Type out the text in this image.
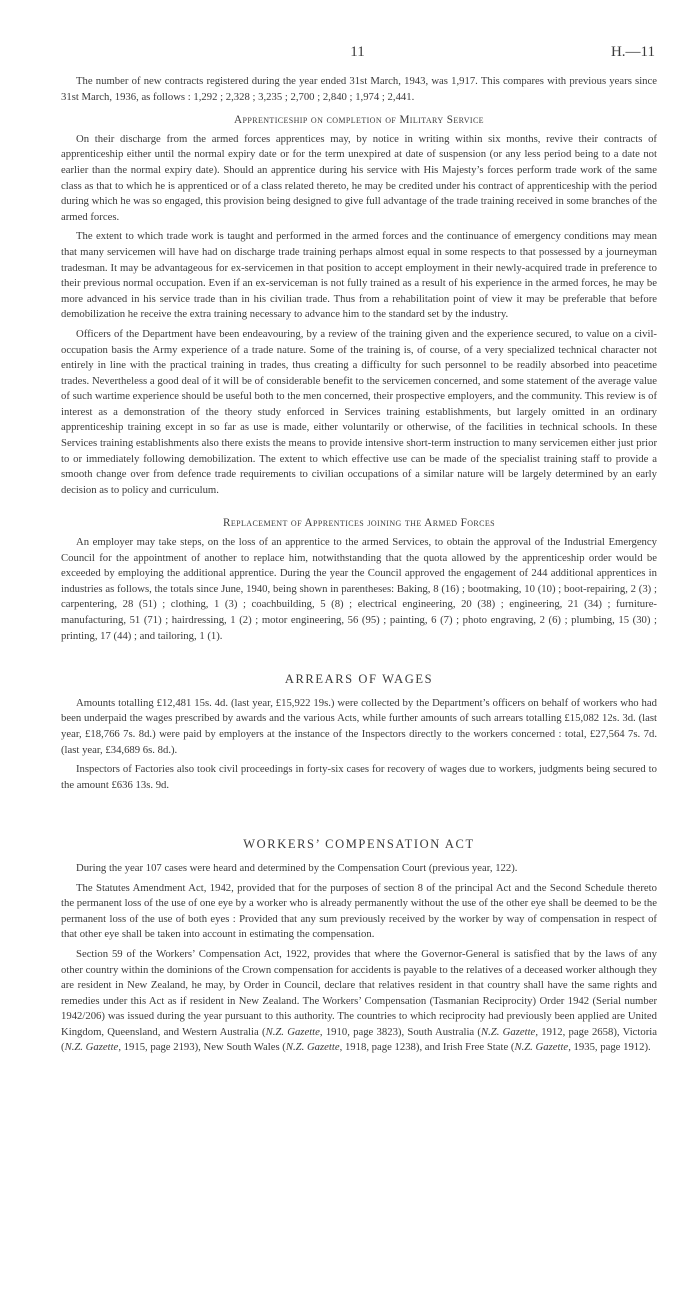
11	H.—11

The number of new contracts registered during the year ended 31st March, 1943, was 1,917. This compares with previous years since 31st March, 1936, as follows : 1,292 ; 2,328 ; 3,235 ; 2,700 ; 2,840 ; 1,974 ; 2,441.

Apprenticeship on completion of Military Service

On their discharge from the armed forces apprentices may, by notice in writing within six months, revive their contracts of apprenticeship either until the normal expiry date or for the term unexpired at date of suspension (or any less period being to a date not earlier than the normal expiry date). Should an apprentice during his service with His Majesty’s forces perform trade work of the same class as that to which he is apprenticed or of a class related thereto, he may be credited under his contract of apprenticeship with the period during which he was so engaged, this provision being designed to give full advantage of the trade training received in some branches of the armed forces.

The extent to which trade work is taught and performed in the armed forces and the continuance of emergency conditions may mean that many servicemen will have had on discharge trade training perhaps almost equal in some respects to that possessed by a journeyman tradesman. It may be advantageous for ex-servicemen in that position to accept employment in their newly-acquired trade in preference to their previous normal occupation. Even if an ex-serviceman is not fully trained as a result of his experience in the armed forces, he may be more advanced in his service trade than in his civilian trade. Thus from a rehabilitation point of view it may be preferable that before demobilization he receive the extra training necessary to advance him to the standard set by the industry.

Officers of the Department have been endeavouring, by a review of the training given and the experience secured, to value on a civil-occupation basis the Army experience of a trade nature. Some of the training is, of course, of a very specialized technical character not entirely in line with the practical training in trades, thus creating a difficulty for such personnel to be readily absorbed into peacetime trades. Nevertheless a good deal of it will be of considerable benefit to the servicemen concerned, and some statement of the average value of such wartime experience should be useful both to the men concerned, their prospective employers, and the community. This review is of interest as a demonstration of the theory study enforced in Services training establishments, but largely omitted in an ordinary apprenticeship training except in so far as use is made, either voluntarily or otherwise, of the facilities in technical schools. In these Services training establishments also there exists the means to provide intensive short-term instruction to many servicemen either just prior to or immediately following demobilization. The extent to which effective use can be made of the specialist training staff to provide a smooth change over from defence trade requirements to civilian occupations of a similar nature will be largely determined by an early decision as to policy and curriculum.

Replacement of Apprentices joining the Armed Forces

An employer may take steps, on the loss of an apprentice to the armed Services, to obtain the approval of the Industrial Emergency Council for the appointment of another to replace him, notwithstanding that the quota allowed by the apprenticeship order would be exceeded by employing the additional apprentice. During the year the Council approved the engagement of 244 additional apprentices in industries as follows, the totals since June, 1940, being shown in parentheses: Baking, 8 (16) ; bootmaking, 10 (10) ; boot-repairing, 2 (3) ; carpentering, 28 (51) ; clothing, 1 (3) ; coachbuilding, 5 (8) ; electrical engineering, 20 (38) ; engineering, 21 (34) ; furniture-manufacturing, 51 (71) ; hairdressing, 1 (2) ; motor engineering, 56 (95) ; painting, 6 (7) ; photo engraving, 2 (6) ; plumbing, 15 (30) ; printing, 17 (44) ; and tailoring, 1 (1).

ARREARS OF WAGES

Amounts totalling £12,481 15s. 4d. (last year, £15,922 19s.) were collected by the Department’s officers on behalf of workers who had been underpaid the wages prescribed by awards and the various Acts, while further amounts of such arrears totalling £15,082 12s. 3d. (last year, £18,766 7s. 8d.) were paid by employers at the instance of the Inspectors directly to the workers concerned : total, £27,564 7s. 7d. (last year, £34,689 6s. 8d.).

Inspectors of Factories also took civil proceedings in forty-six cases for recovery of wages due to workers, judgments being secured to the amount £636 13s. 9d.

WORKERS’ COMPENSATION ACT

During the year 107 cases were heard and determined by the Compensation Court (previous year, 122).

The Statutes Amendment Act, 1942, provided that for the purposes of section 8 of the principal Act and the Second Schedule thereto the permanent loss of the use of one eye by a worker who is already permanently without the use of the other eye shall be deemed to be the permanent loss of the use of both eyes : Provided that any sum previously received by the worker by way of compensation in respect of that other eye shall be taken into account in estimating the compensation.

Section 59 of the Workers’ Compensation Act, 1922, provides that where the Governor-General is satisfied that by the laws of any other country within the dominions of the Crown compensation for accidents is payable to the relatives of a deceased worker although they are resident in New Zealand, he may, by Order in Council, declare that relatives resident in that country shall have the same rights and remedies under this Act as if resident in New Zealand. The Workers’ Compensation (Tasmanian Reciprocity) Order 1942 (Serial number 1942/206) was issued during the year pursuant to this authority. The countries to which reciprocity had previously been applied are United Kingdom, Queensland, and Western Australia (N.Z. Gazette, 1910, page 3823), South Australia (N.Z. Gazette, 1912, page 2658), Victoria (N.Z. Gazette, 1915, page 2193), New South Wales (N.Z. Gazette, 1918, page 1238), and Irish Free State (N.Z. Gazette, 1935, page 1912).
